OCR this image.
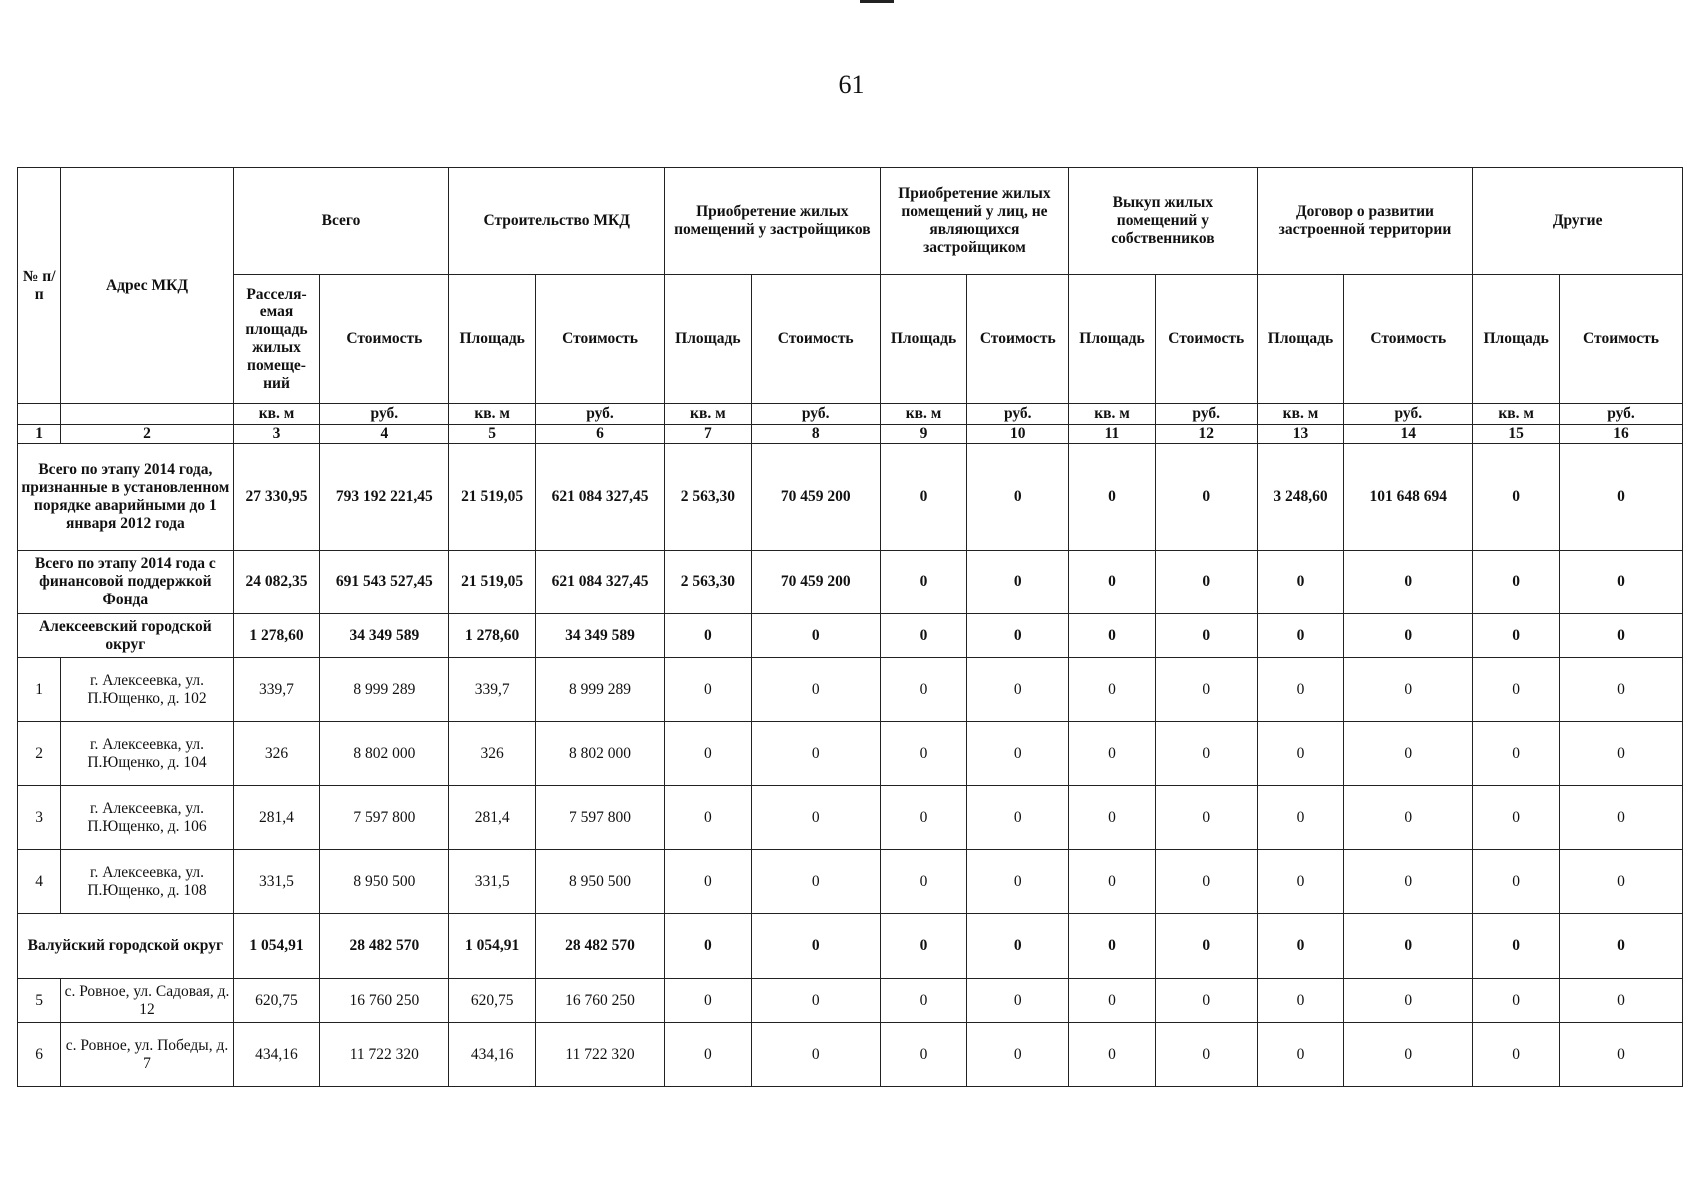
61
№ п/п	Адрес МКД	Всего		Строительство МКД		Приобретение жилых помещений у застройщиков		Приобретение жилых помещений у лиц, не являющихся застройщиком		Выкуп жилых помещений у собственников		Договор о развитии застроенной территории		Другие	
		Расселя-емая площадь жилых помеще-ний	Стоимость	Площадь	Стоимость	Площадь	Стоимость	Площадь	Стоимость	Площадь	Стоимость	Площадь	Стоимость	Площадь	Стоимость
		кв. м	руб.	кв. м	руб.	кв. м	руб.	кв. м	руб.	кв. м	руб.	кв. м	руб.	кв. м	руб.
1	2	3	4	5	6	7	8	9	10	11	12	13	14	15	16
Всего по этапу 2014 года, признанные в установленном порядке аварийными до 1 января 2012 года		27 330,95	793 192 221,45	21 519,05	621 084 327,45	2 563,30	70 459 200	0	0	0	0	3 248,60	101 648 694	0	0
Всего по этапу 2014 года с финансовой поддержкой Фонда		24 082,35	691 543 527,45	21 519,05	621 084 327,45	2 563,30	70 459 200	0	0	0	0	0	0	0	0
Алексеевский городской округ		1 278,60	34 349 589	1 278,60	34 349 589	0	0	0	0	0	0	0	0	0	0
1	г. Алексеевка, ул. П.Ющенко, д. 102	339,7	8 999 289	339,7	8 999 289	0	0	0	0	0	0	0	0	0	0
2	г. Алексеевка, ул. П.Ющенко, д. 104	326	8 802 000	326	8 802 000	0	0	0	0	0	0	0	0	0	0
3	г. Алексеевка, ул. П.Ющенко, д. 106	281,4	7 597 800	281,4	7 597 800	0	0	0	0	0	0	0	0	0	0
4	г. Алексеевка, ул. П.Ющенко, д. 108	331,5	8 950 500	331,5	8 950 500	0	0	0	0	0	0	0	0	0	0
Валуйский городской округ		1 054,91	28 482 570	1 054,91	28 482 570	0	0	0	0	0	0	0	0	0	0
5	с. Ровное, ул. Садовая, д. 12	620,75	16 760 250	620,75	16 760 250	0	0	0	0	0	0	0	0	0	0
6	с. Ровное, ул. Победы, д. 7	434,16	11 722 320	434,16	11 722 320	0	0	0	0	0	0	0	0	0	0
